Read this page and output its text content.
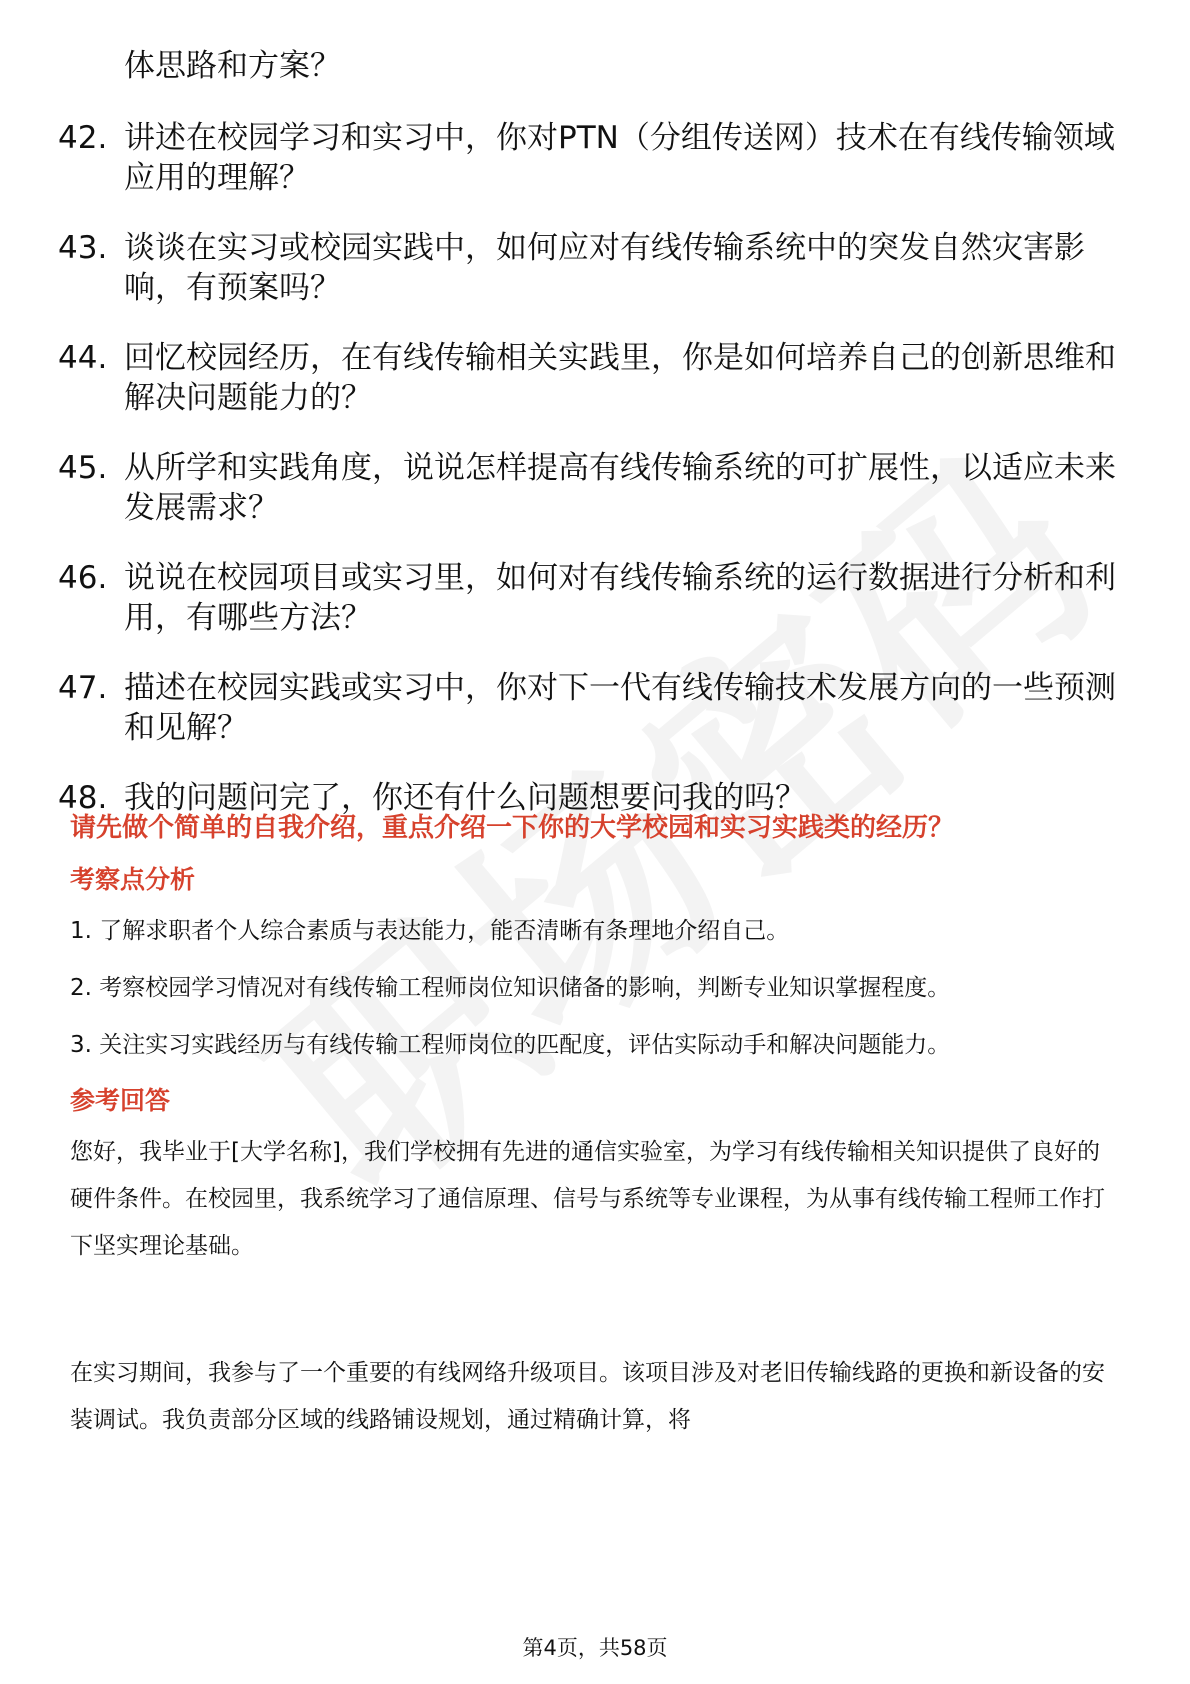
体思路和方案？
42. 讲述在校园学习和实习中，你对PTN（分组传送网）技术在有线传输领域应用的理解？
43. 谈谈在实习或校园实践中，如何应对有线传输系统中的突发自然灾害影响，有预案吗？
44. 回忆校园经历，在有线传输相关实践里，你是如何培养自己的创新思维和解决问题能力的？
45. 从所学和实践角度，说说怎样提高有线传输系统的可扩展性，以适应未来发展需求？
46. 说说在校园项目或实习里，如何对有线传输系统的运行数据进行分析和利用，有哪些方法？
47. 描述在校园实践或实习中，你对下一代有线传输技术发展方向的一些预测和见解？
48. 我的问题问完了，你还有什么问题想要问我的吗？
请先做个简单的自我介绍，重点介绍一下你的大学校园和实习实践类的经历？
考察点分析
1. 了解求职者个人综合素质与表达能力，能否清晰有条理地介绍自己。
2. 考察校园学习情况对有线传输工程师岗位知识储备的影响，判断专业知识掌握程度。
3. 关注实习实践经历与有线传输工程师岗位的匹配度，评估实际动手和解决问题能力。
参考回答
您好，我毕业于[大学名称]，我们学校拥有先进的通信实验室，为学习有线传输相关知识提供了良好的硬件条件。在校园里，我系统学习了通信原理、信号与系统等专业课程，为从事有线传输工程师工作打下坚实理论基础。
在实习期间，我参与了一个重要的有线网络升级项目。该项目涉及对老旧传输线路的更换和新设备的安装调试。我负责部分区域的线路铺设规划，通过精确计算，将
第4页，共58页
